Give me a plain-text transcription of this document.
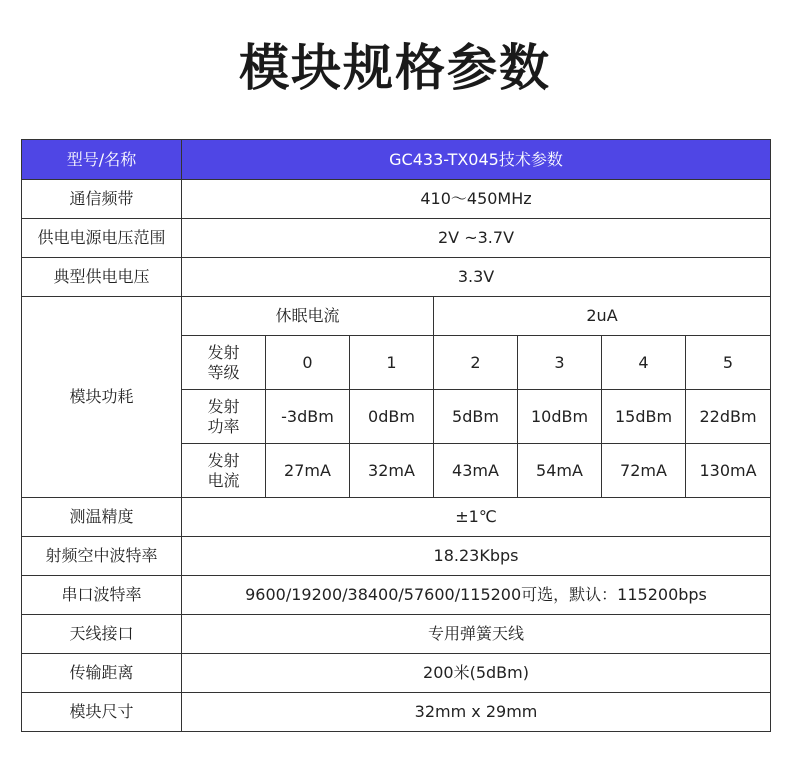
模块规格参数
型号/名称	GC433-TX045技术参数						
通信频带	410～450MHz						
供电电源电压范围	2V ~3.7V						
典型供电电压	3.3V						
模块功耗	休眠电流			2uA			
	发射等级	0	1	2	3	4	5
	发射功率	-3dBm	0dBm	5dBm	10dBm	15dBm	22dBm
	发射电流	27mA	32mA	43mA	54mA	72mA	130mA
测温精度	±1℃						
射频空中波特率	18.23Kbps						
串口波特率	9600/19200/38400/57600/115200可选，默认：115200bps						
天线接口	专用弹簧天线						
传输距离	200米(5dBm)						
模块尺寸	32mm x 29mm						
